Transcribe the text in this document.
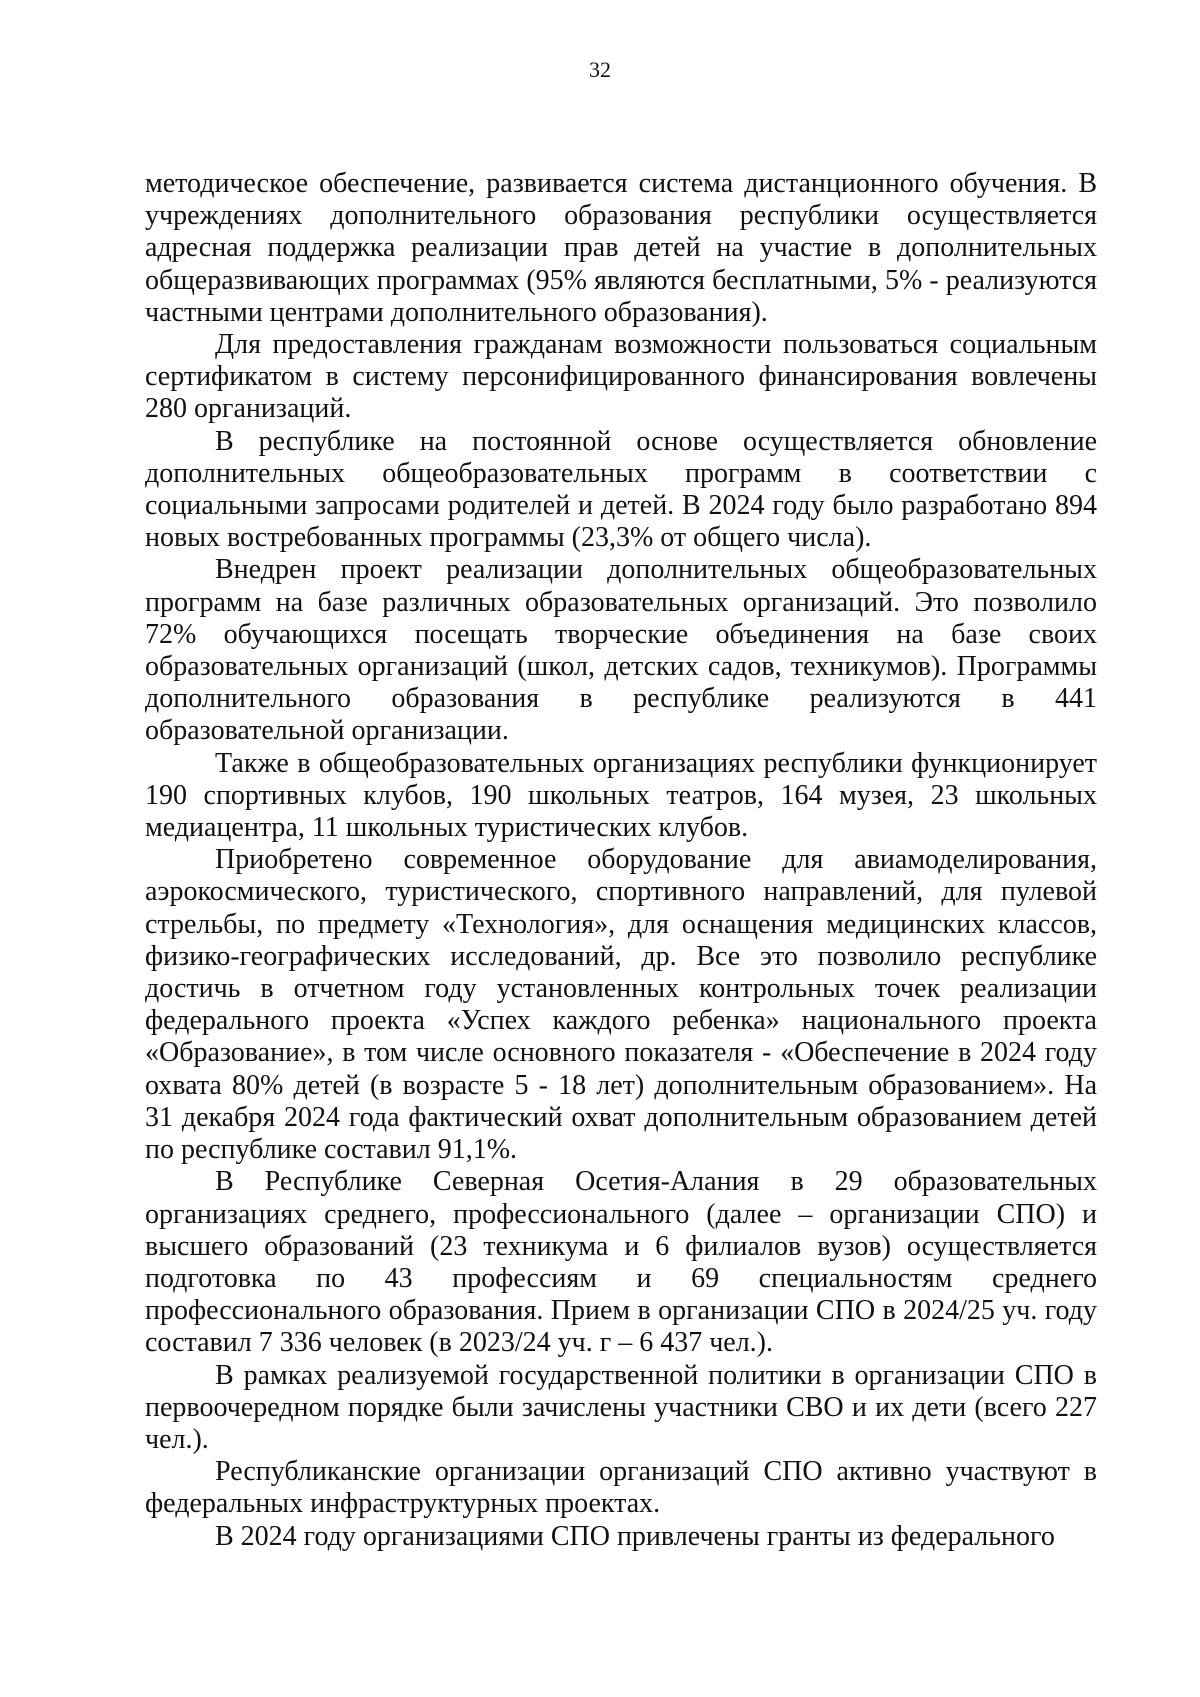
32

методическое обеспечение, развивается система дистанционного обучения. В учреждениях дополнительного образования республики осуществляется адресная поддержка реализации прав детей на участие в дополнительных общеразвивающих программах (95% являются бесплатными, 5% - реализуются частными центрами дополнительного образования).

Для предоставления гражданам возможности пользоваться социальным сертификатом в систему персонифицированного финансирования вовлечены 280 организаций.

В республике на постоянной основе осуществляется обновление дополнительных общеобразовательных программ в соответствии с социальными запросами родителей и детей. В 2024 году было разработано 894 новых востребованных программы (23,3% от общего числа).

Внедрен проект реализации дополнительных общеобразовательных программ на базе различных образовательных организаций. Это позволило 72% обучающихся посещать творческие объединения на базе своих образовательных организаций (школ, детских садов, техникумов). Программы дополнительного образования в республике реализуются в 441 образовательной организации.

Также в общеобразовательных организациях республики функционирует 190 спортивных клубов, 190 школьных театров, 164 музея, 23 школьных медиацентра, 11 школьных туристических клубов.

Приобретено современное оборудование для авиамоделирования, аэрокосмического, туристического, спортивного направлений, для пулевой стрельбы, по предмету «Технология», для оснащения медицинских классов, физико-географических исследований, др. Все это позволило республике достичь в отчетном году установленных контрольных точек реализации федерального проекта «Успех каждого ребенка» национального проекта «Образование», в том числе основного показателя - «Обеспечение в 2024 году охвата 80% детей (в возрасте 5 - 18 лет) дополнительным образованием». На 31 декабря 2024 года фактический охват дополнительным образованием детей по республике составил 91,1%.

В Республике Северная Осетия-Алания в 29 образовательных организациях среднего, профессионального (далее – организации СПО) и высшего образований (23 техникума и 6 филиалов вузов) осуществляется подготовка по 43 профессиям и 69 специальностям среднего профессионального образования. Прием в организации СПО в 2024/25 уч. году составил 7 336 человек (в 2023/24 уч. г – 6 437 чел.).

В рамках реализуемой государственной политики в организации СПО в первоочередном порядке были зачислены участники СВО и их дети (всего 227 чел.).

Республиканские организации организаций СПО активно участвуют в федеральных инфраструктурных проектах.

В 2024 году организациями СПО привлечены гранты из федерального
